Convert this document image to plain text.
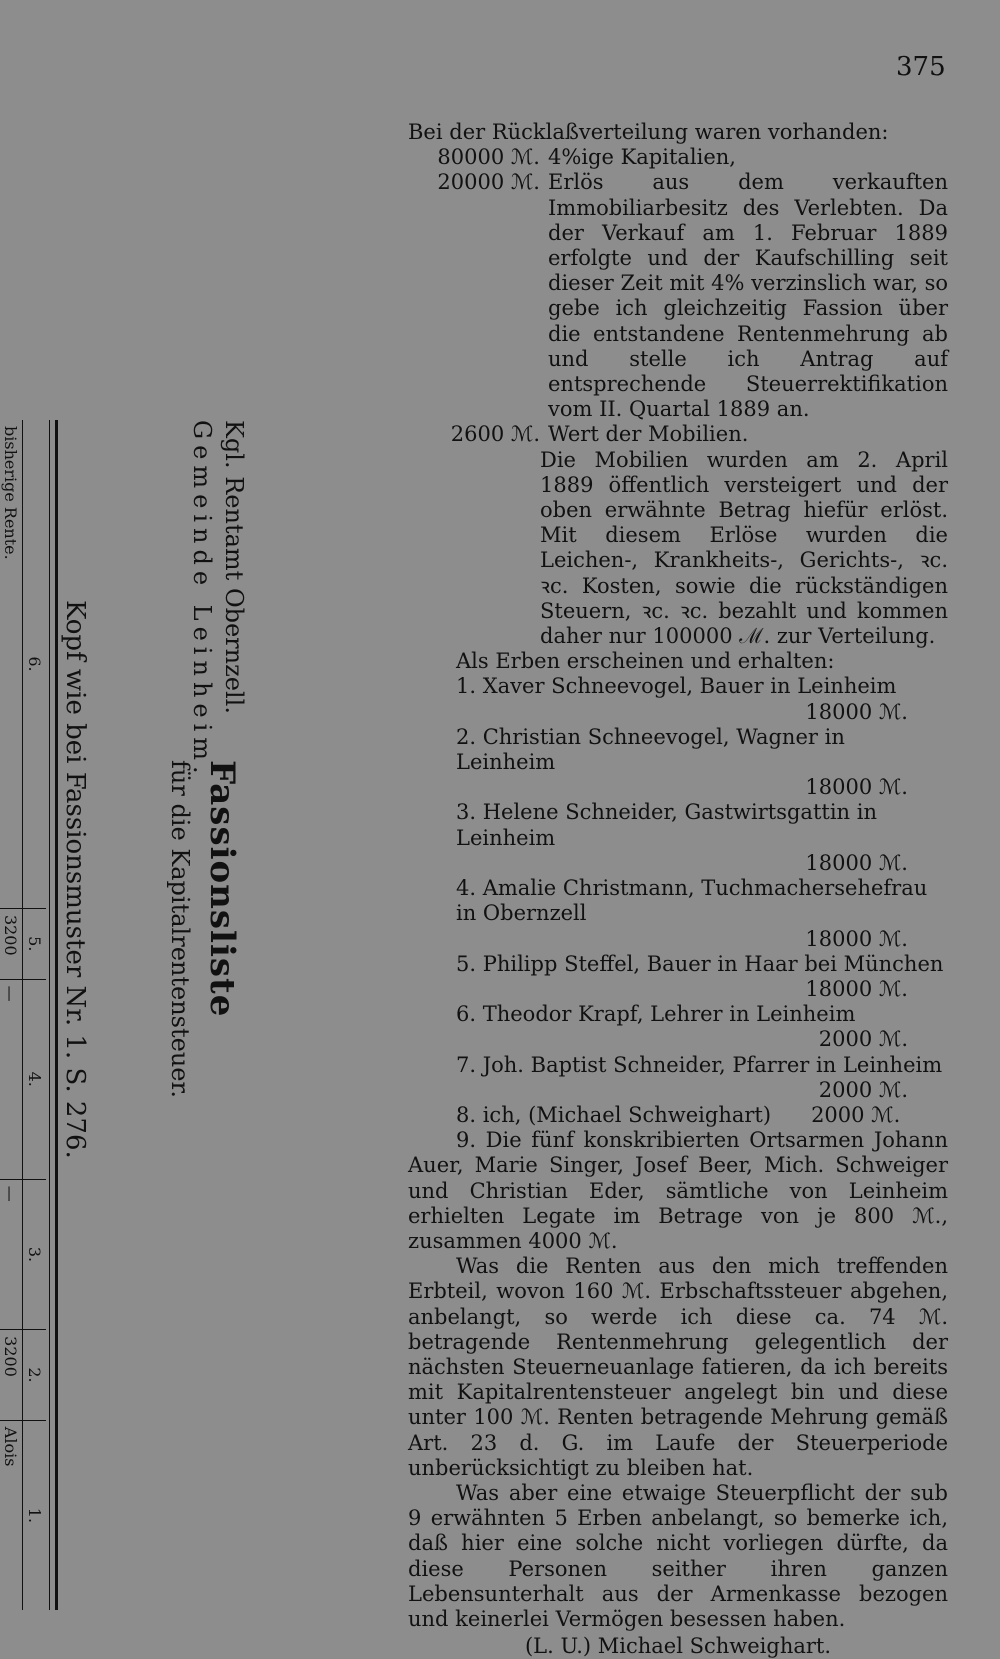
375
Bei der Rücklaßverteilung waren vorhanden:
80000 ℳ. 4%ige Kapitalien,
20000 ℳ. Erlös aus dem verkauften Immobiliarbesitz des Verlebten. Da der Verkauf am 1. Februar 1889 erfolgte und der Kaufschilling seit dieser Zeit mit 4% verzinslich war, so gebe ich gleichzeitig Fassion über die entstandene Rentenmehrung ab und stelle ich Antrag auf entsprechende Steuerrektifikation vom II. Quartal 1889 an.
2600 ℳ. Wert der Mobilien.
Die Mobilien wurden am 2. April 1889 öffentlich versteigert und der oben erwähnte Betrag hiefür erlöst. Mit diesem Erlöse wurden die Leichen-, Krankheits-, Gerichts-, ꝛc. ꝛc. Kosten, sowie die rückständigen Steuern, ꝛc. ꝛc. bezahlt und kommen daher nur 100000 ℳ. zur Verteilung.
Als Erben erscheinen und erhalten:
1. Xaver Schneevogel, Bauer in Leinheim
18000 ℳ.
2. Christian Schneevogel, Wagner in Leinheim
18000 ℳ.
3. Helene Schneider, Gastwirtsgattin in Leinheim
18000 ℳ.
4. Amalie Christmann, Tuchmachersehefrau in Obernzell
18000 ℳ.
5. Philipp Steffel, Bauer in Haar bei München
18000 ℳ.
6. Theodor Krapf, Lehrer in Leinheim
2000 ℳ.
7. Joh. Baptist Schneider, Pfarrer in Leinheim
2000 ℳ.
8. ich, (Michael Schweighart) 2000 ℳ.
9. Die fünf konskribierten Ortsarmen Johann Auer, Marie Singer, Josef Beer, Mich. Schweiger und Christian Eder, sämtliche von Leinheim erhielten Legate im Betrage von je 800 ℳ., zusammen 4000 ℳ.
Was die Renten aus den mich treffenden Erbteil, wovon 160 ℳ. Erbschaftssteuer abgehen, anbelangt, so werde ich diese ca. 74 ℳ. betragende Rentenmehrung gelegentlich der nächsten Steuerneuanlage fatieren, da ich bereits mit Kapitalrentensteuer angelegt bin und diese unter 100 ℳ. Renten betragende Mehrung gemäß Art. 23 d. G. im Laufe der Steuerperiode unberücksichtigt zu bleiben hat.
Was aber eine etwaige Steuerpflicht der sub 9 erwähnten 5 Erben anbelangt, so bemerke ich, daß hier eine solche nicht vorliegen dürfte, da diese Personen seither ihren ganzen Lebensunterhalt aus der Armenkasse bezogen und keinerlei Vermögen besessen haben.
(L. U.) Michael Schweighart.
Kgl. Rentamt Obernzell.
Gemeinde Leinheim.
Fassionsliste
für die Kapitalrentensteuer.
Kopf wie bei Fassionsmuster Nr. 1. S. 276.
6.
bisherige Rente.
5.
3200
4.
—
3.
—
2.
3200
1.
Alois
